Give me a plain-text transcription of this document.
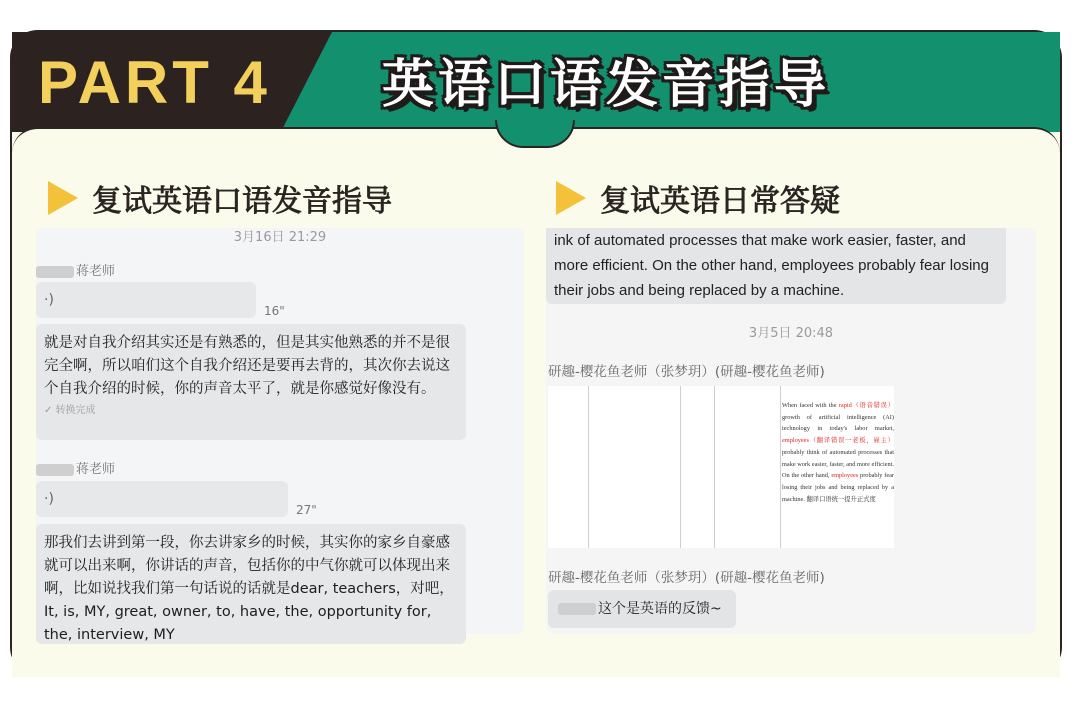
PART 4 英语口语发音指导
复试英语口语发音指导
3月16日 21:29
蒋老师
·)
16"
就是对自我介绍其实还是有熟悉的，但是其实他熟悉的并不是很完全啊，所以咱们这个自我介绍还是要再去背的，其次你去说这个自我介绍的时候，你的声音太平了，就是你感觉好像没有。
✓ 转换完成
蒋老师
·)
27"
那我们去讲到第一段，你去讲家乡的时候，其实你的家乡自豪感就可以出来啊，你讲话的声音，包括你的中气你就可以体现出来啊，比如说找我们第一句话说的话就是dear, teachers，对吧，It, is, MY, great, owner, to, have, the, opportunity for, the, interview, MY
复试英语日常答疑
ink of automated processes that make work easier, faster, and more efficient. On the other hand, employees probably fear losing their jobs and being replaced by a machine.
3月5日 20:48
研趣-樱花鱼老师（张梦玥）(研趣-樱花鱼老师)
When faced with the rapid（语音错误） growth of artificial intelligence (AI) technology in today's labor market, employees（翻译错误一老板，雇主） probably think of automated processes that make work easier, faster, and more efficient. On the other hand, employees probably fear losing their jobs and being replaced by a machine. 翻译口语统一提升正式度
研趣-樱花鱼老师（张梦玥）(研趣-樱花鱼老师)
这个是英语的反馈~
